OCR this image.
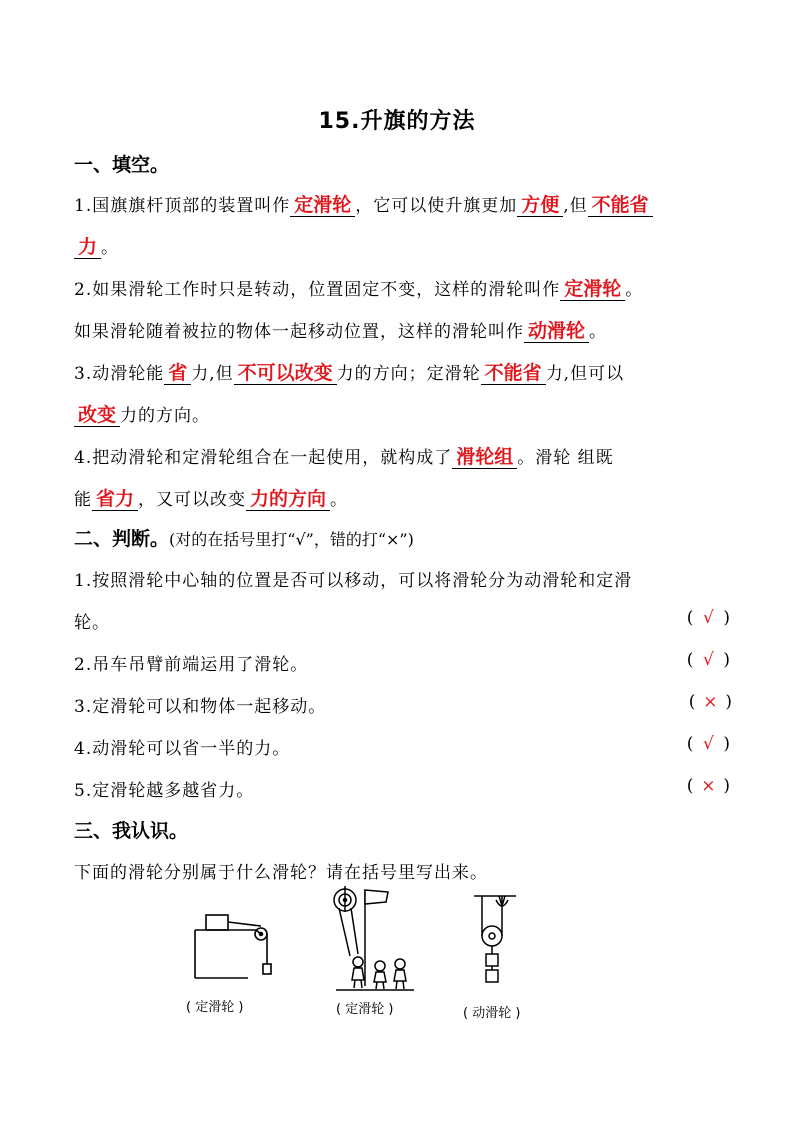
15.升旗的方法
一、填空。
1.国旗旗杆顶部的装置叫作 定滑轮 ，它可以使升旗更加 方便 ,但 不能省
力 。
2.如果滑轮工作时只是转动，位置固定不变，这样的滑轮叫作 定滑轮 。
如果滑轮随着被拉的物体一起移动位置，这样的滑轮叫作 动滑轮 。
3.动滑轮能 省 力,但 不可以改变 力的方向；定滑轮 不能省 力,但可以
改变 力的方向。
4.把动滑轮和定滑轮组合在一起使用，就构成了 滑轮组 。滑轮 组既
能 省力 ，又可以改变 力的方向 。
二、判断。(对的在括号里打“√”，错的打“×”)
1.按照滑轮中心轴的位置是否可以移动，可以将滑轮分为动滑轮和定滑
轮。	( √ )
2.吊车吊臂前端运用了滑轮。	( √ )
3.定滑轮可以和物体一起移动。	( × )
4.动滑轮可以省一半的力。	( √ )
5.定滑轮越多越省力。	( × )
三、我认识。
下面的滑轮分别属于什么滑轮？请在括号里写出来。
( 定滑轮 )	( 定滑轮 )	( 动滑轮 )
